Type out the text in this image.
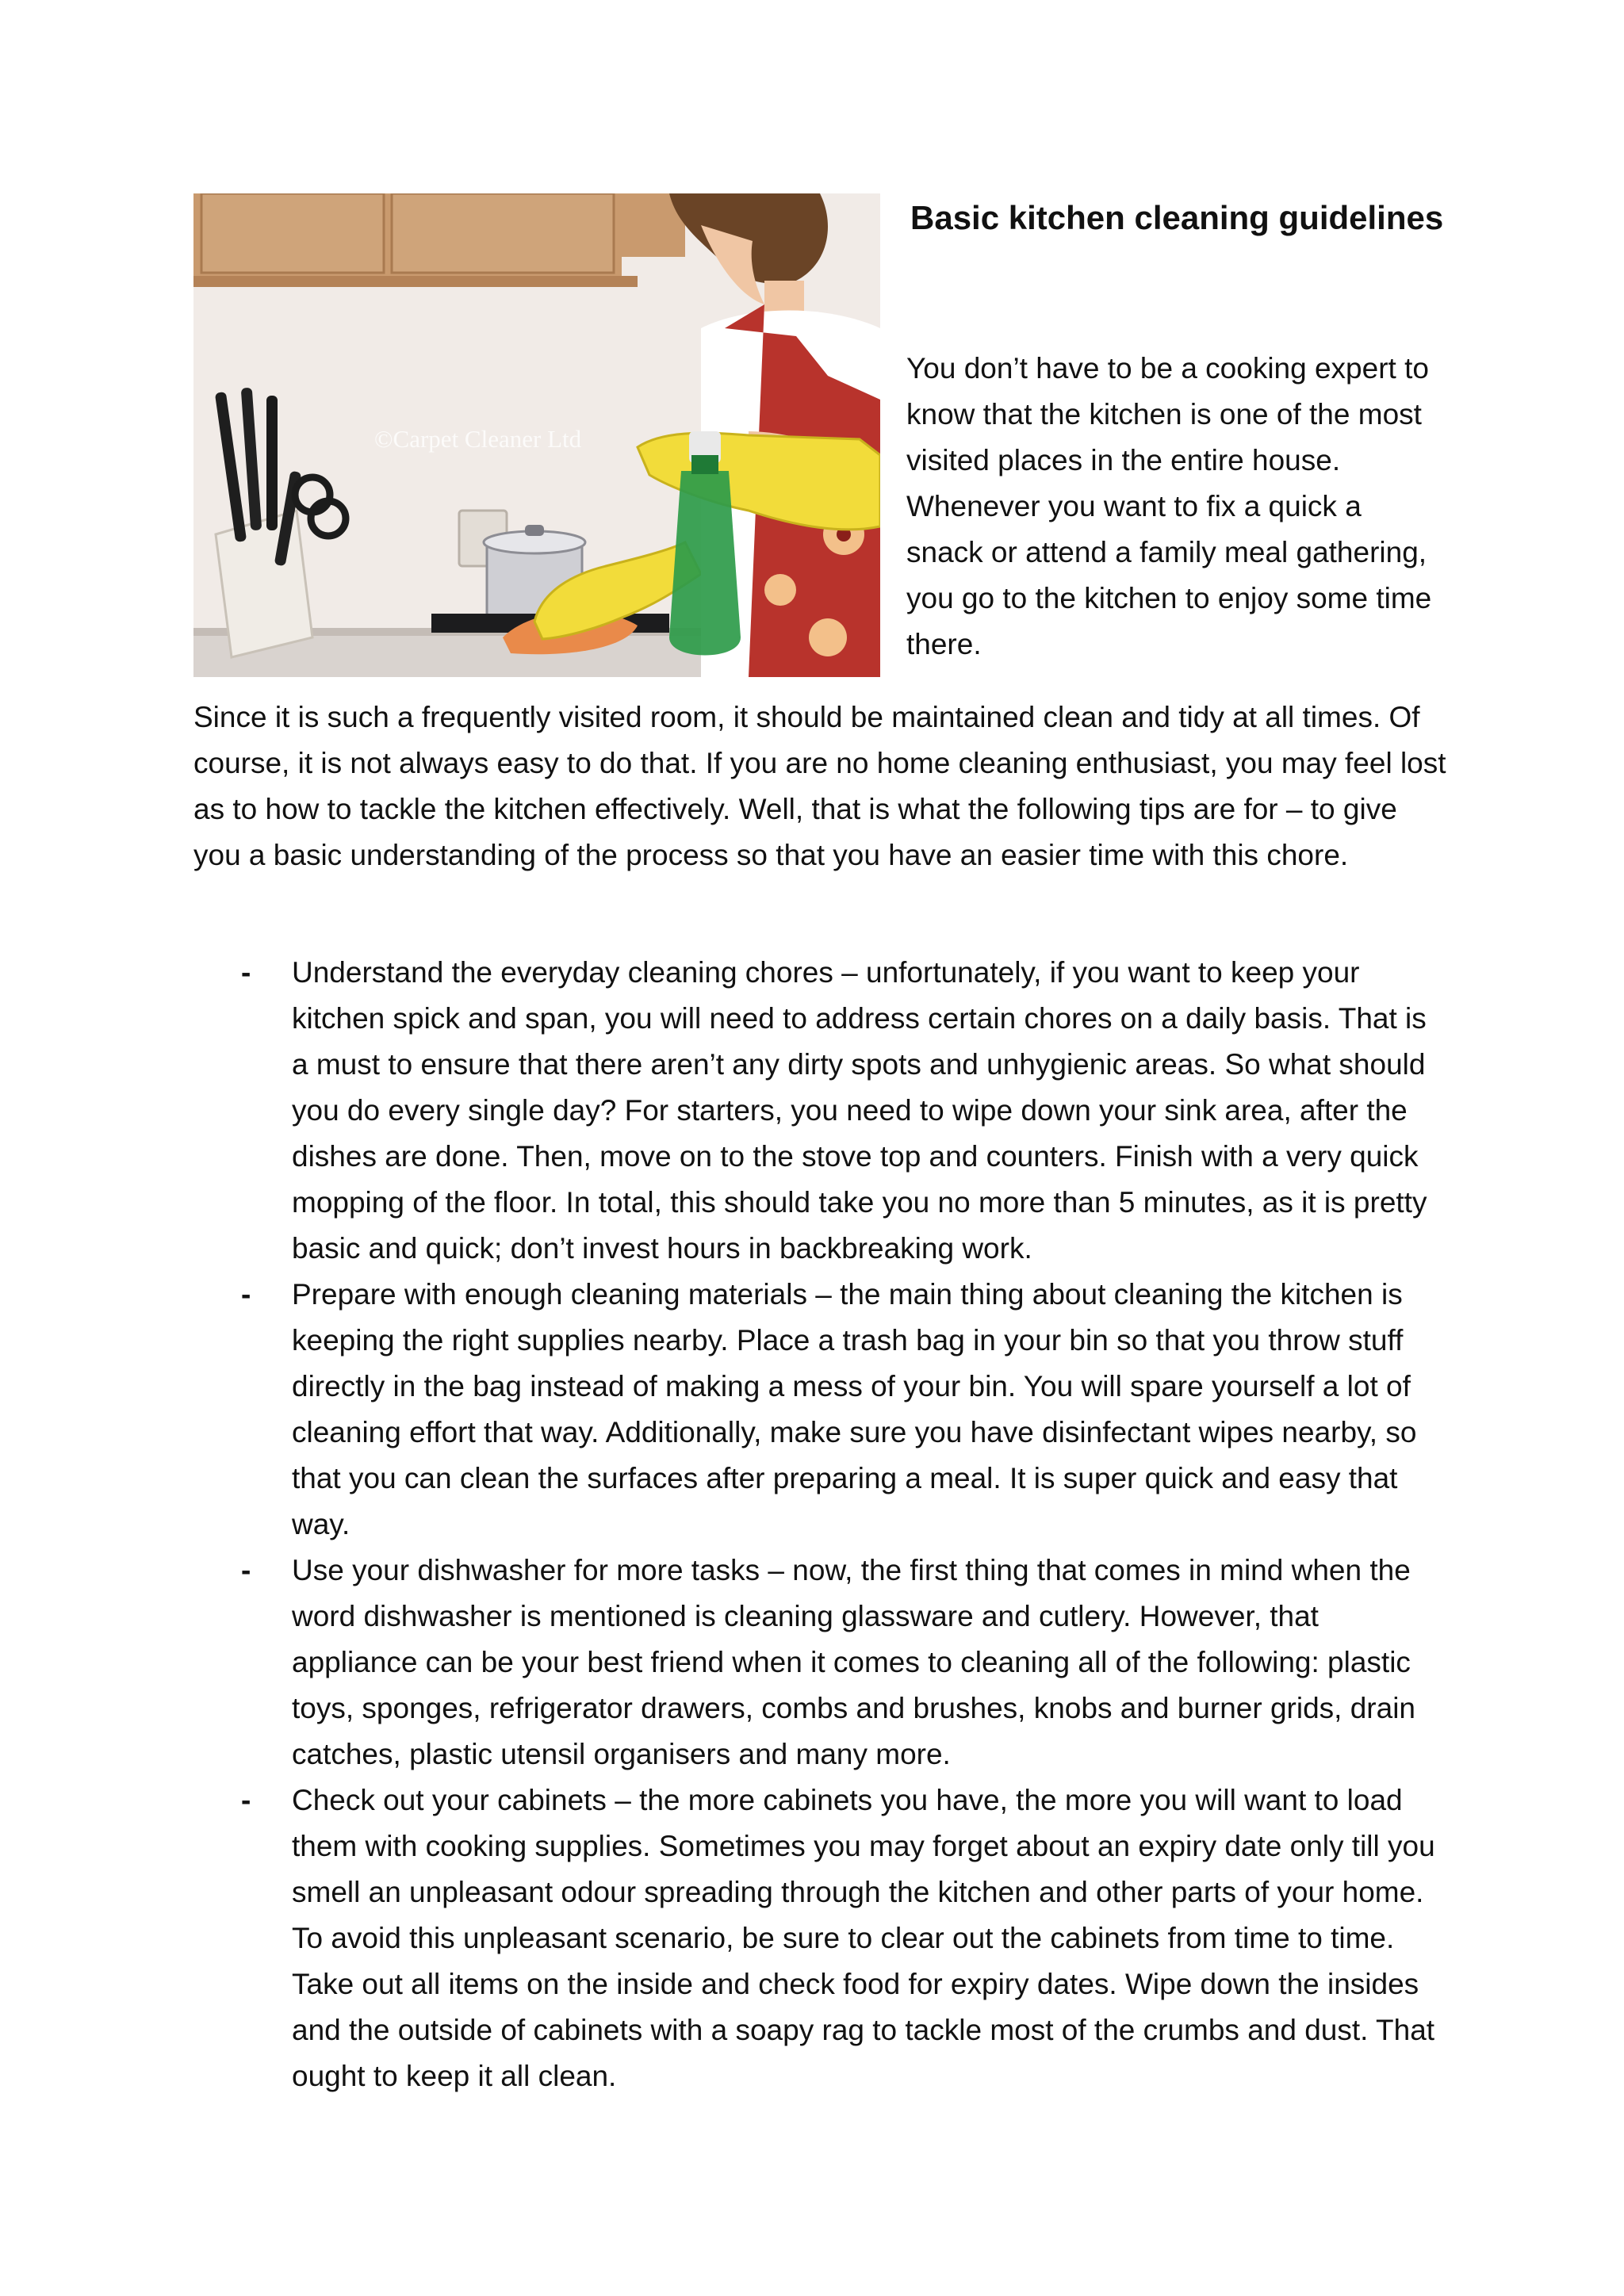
©Carpet Cleaner Ltd
Basic kitchen cleaning guidelines

You don’t have to be a cooking expert to know that the kitchen is one of the most visited places in the entire house. Whenever you want to fix a quick a snack or attend a family meal gathering, you go to the kitchen to enjoy some time there.

Since it is such a frequently visited room, it should be maintained clean and tidy at all times. Of course, it is not always easy to do that. If you are no home cleaning enthusiast, you may feel lost as to how to tackle the kitchen effectively. Well, that is what the following tips are for – to give you a basic understanding of the process so that you have an easier time with this chore.

- Understand the everyday cleaning chores – unfortunately, if you want to keep your kitchen spick and span, you will need to address certain chores on a daily basis. That is a must to ensure that there aren’t any dirty spots and unhygienic areas. So what should you do every single day? For starters, you need to wipe down your sink area, after the dishes are done. Then, move on to the stove top and counters. Finish with a very quick mopping of the floor. In total, this should take you no more than 5 minutes, as it is pretty basic and quick; don’t invest hours in backbreaking work.
- Prepare with enough cleaning materials – the main thing about cleaning the kitchen is keeping the right supplies nearby. Place a trash bag in your bin so that you throw stuff directly in the bag instead of making a mess of your bin. You will spare yourself a lot of cleaning effort that way. Additionally, make sure you have disinfectant wipes nearby, so that you can clean the surfaces after preparing a meal. It is super quick and easy that way.
- Use your dishwasher for more tasks – now, the first thing that comes in mind when the word dishwasher is mentioned is cleaning glassware and cutlery. However, that appliance can be your best friend when it comes to cleaning all of the following: plastic toys, sponges, refrigerator drawers, combs and brushes, knobs and burner grids, drain catches, plastic utensil organisers and many more.
- Check out your cabinets – the more cabinets you have, the more you will want to load them with cooking supplies. Sometimes you may forget about an expiry date only till you smell an unpleasant odour spreading through the kitchen and other parts of your home. To avoid this unpleasant scenario, be sure to clear out the cabinets from time to time. Take out all items on the inside and check food for expiry dates. Wipe down the insides and the outside of cabinets with a soapy rag to tackle most of the crumbs and dust. That ought to keep it all clean.
